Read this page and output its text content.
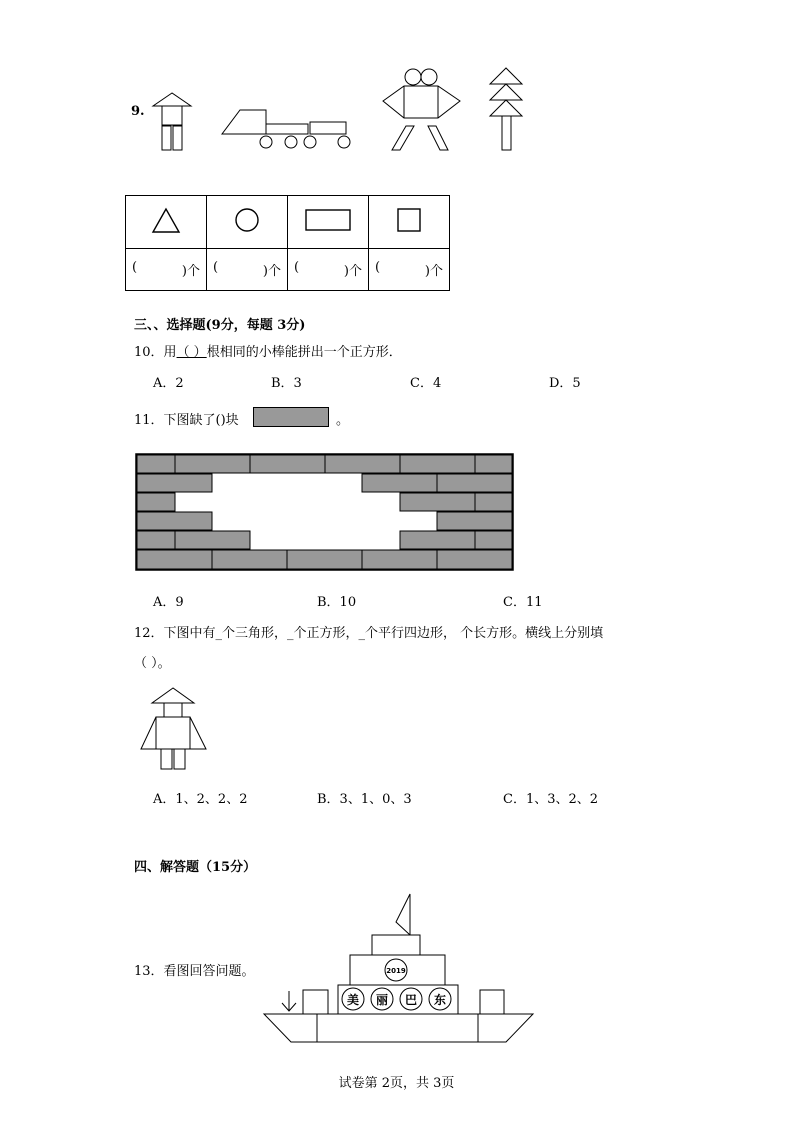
9.

( )个	( )个	( )个	( )个
三、、选择题(9分，每题 3分)
10．用（ ）根相同的小棒能拼出一个正方形．
A．2	B．3	C．4	D．5
11．下图缺了()块	。
A．9	B．10	C．11
12．下图中有_个三角形，_个正方形，_个平行四边形， 个长方形。横线上分别填
（ ）。
A．1、2、2、2	B．3、1、0、3	C．1、3、2、2
四、解答题（15分）
13．看图回答问题。	2019
美 丽 巴 东
试卷第 2页，共 3页
